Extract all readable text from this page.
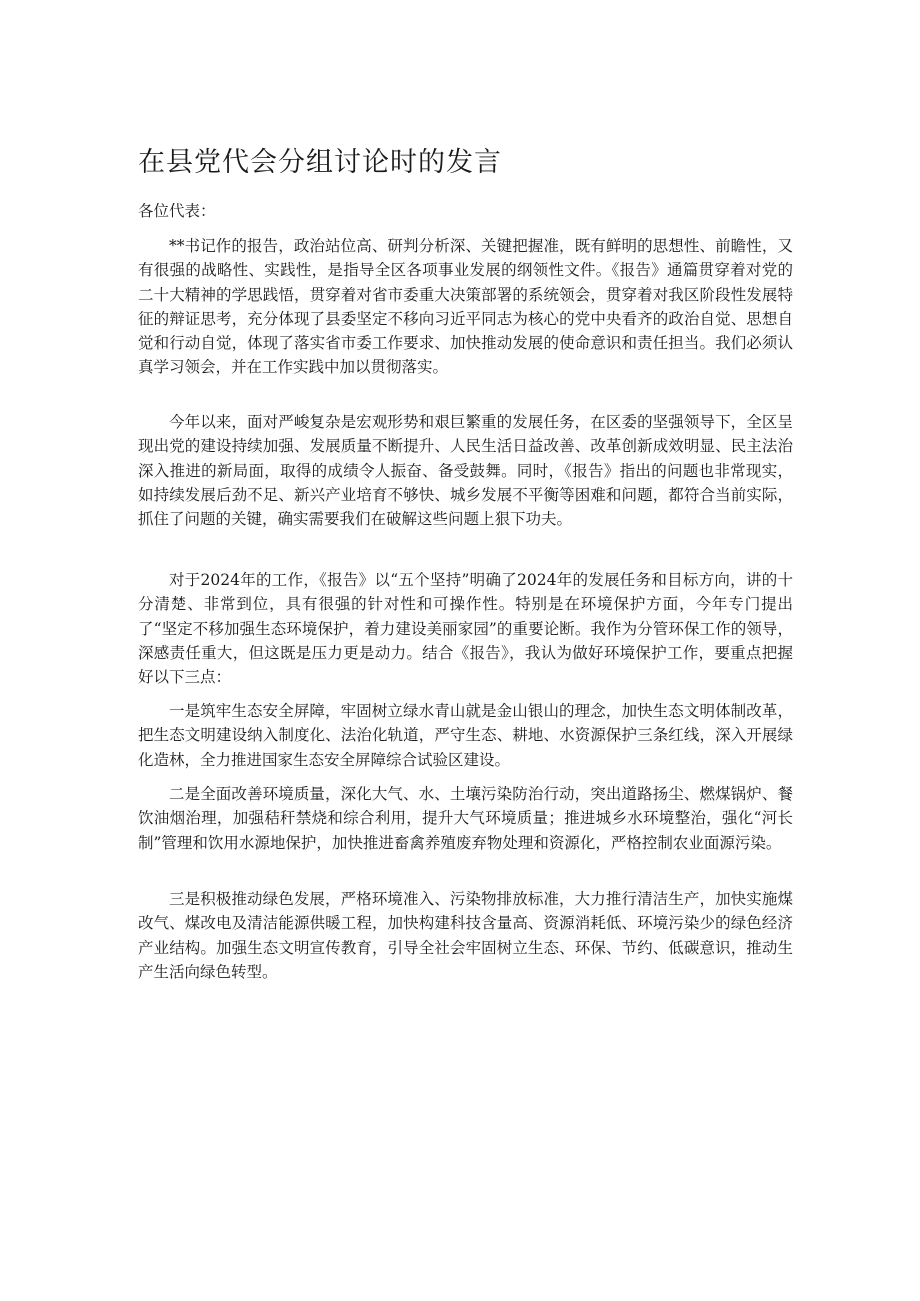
在县党代会分组讨论时的发言

各位代表：

**书记作的报告，政治站位高、研判分析深、关键把握准，既有鲜明的思想性、前瞻性，又有很强的战略性、实践性，是指导全区各项事业发展的纲领性文件。《报告》通篇贯穿着对党的二十大精神的学思践悟，贯穿着对省市委重大决策部署的系统领会，贯穿着对我区阶段性发展特征的辩证思考，充分体现了县委坚定不移向习近平同志为核心的党中央看齐的政治自觉、思想自觉和行动自觉，体现了落实省市委工作要求、加快推动发展的使命意识和责任担当。我们必须认真学习领会，并在工作实践中加以贯彻落实。

今年以来，面对严峻复杂是宏观形势和艰巨繁重的发展任务，在区委的坚强领导下，全区呈现出党的建设持续加强、发展质量不断提升、人民生活日益改善、改革创新成效明显、民主法治深入推进的新局面，取得的成绩令人振奋、备受鼓舞。同时，《报告》指出的问题也非常现实，如持续发展后劲不足、新兴产业培育不够快、城乡发展不平衡等困难和问题，都符合当前实际，抓住了问题的关键，确实需要我们在破解这些问题上狠下功夫。

对于2024年的工作，《报告》以“五个坚持”明确了2024年的发展任务和目标方向，讲的十分清楚、非常到位，具有很强的针对性和可操作性。特别是在环境保护方面，今年专门提出了“坚定不移加强生态环境保护，着力建设美丽家园”的重要论断。我作为分管环保工作的领导，深感责任重大，但这既是压力更是动力。结合《报告》，我认为做好环境保护工作，要重点把握好以下三点：

一是筑牢生态安全屏障，牢固树立绿水青山就是金山银山的理念，加快生态文明体制改革，把生态文明建设纳入制度化、法治化轨道，严守生态、耕地、水资源保护三条红线，深入开展绿化造林，全力推进国家生态安全屏障综合试验区建设。

二是全面改善环境质量，深化大气、水、土壤污染防治行动，突出道路扬尘、燃煤锅炉、餐饮油烟治理，加强秸秆禁烧和综合利用，提升大气环境质量；推进城乡水环境整治，强化“河长制”管理和饮用水源地保护，加快推进畜禽养殖废弃物处理和资源化，严格控制农业面源污染。

三是积极推动绿色发展，严格环境准入、污染物排放标准，大力推行清洁生产，加快实施煤改气、煤改电及清洁能源供暖工程，加快构建科技含量高、资源消耗低、环境污染少的绿色经济产业结构。加强生态文明宣传教育，引导全社会牢固树立生态、环保、节约、低碳意识，推动生产生活向绿色转型。
